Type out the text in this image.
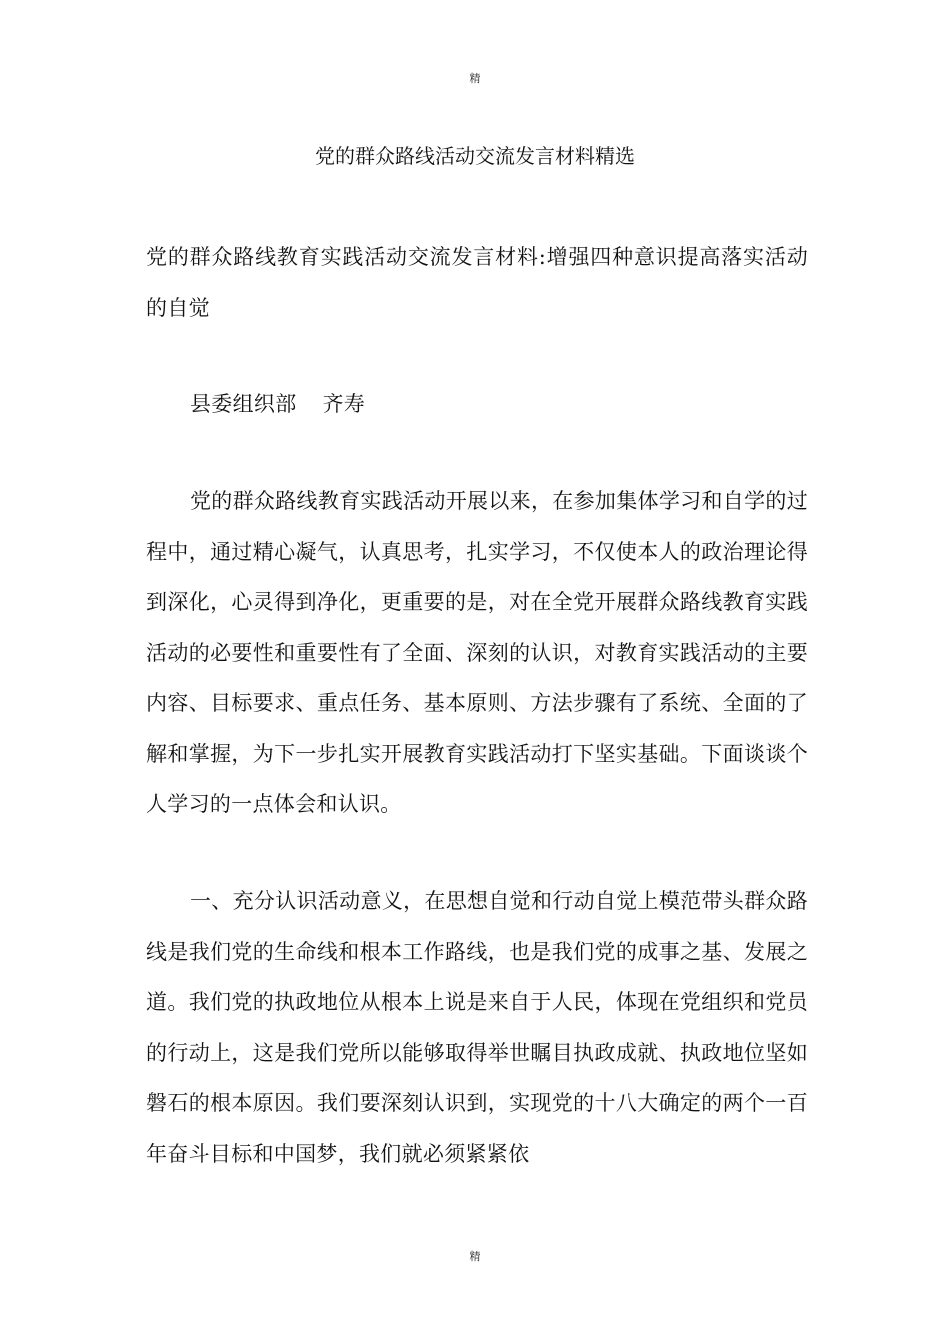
精
党的群众路线活动交流发言材料精选

党的群众路线教育实践活动交流发言材料:增强四种意识提高落实活动的自觉

县委组织部 齐寿

党的群众路线教育实践活动开展以来，在参加集体学习和自学的过程中，通过精心凝气，认真思考，扎实学习，不仅使本人的政治理论得到深化，心灵得到净化，更重要的是，对在全党开展群众路线教育实践活动的必要性和重要性有了全面、深刻的认识，对教育实践活动的主要内容、目标要求、重点任务、基本原则、方法步骤有了系统、全面的了解和掌握，为下一步扎实开展教育实践活动打下坚实基础。下面谈谈个人学习的一点体会和认识。

一、充分认识活动意义，在思想自觉和行动自觉上模范带头群众路线是我们党的生命线和根本工作路线，也是我们党的成事之基、发展之道。我们党的执政地位从根本上说是来自于人民，体现在党组织和党员的行动上，这是我们党所以能够取得举世瞩目执政成就、执政地位坚如磐石的根本原因。我们要深刻认识到，实现党的十八大确定的两个一百年奋斗目标和中国梦，我们就必须紧紧依

精
